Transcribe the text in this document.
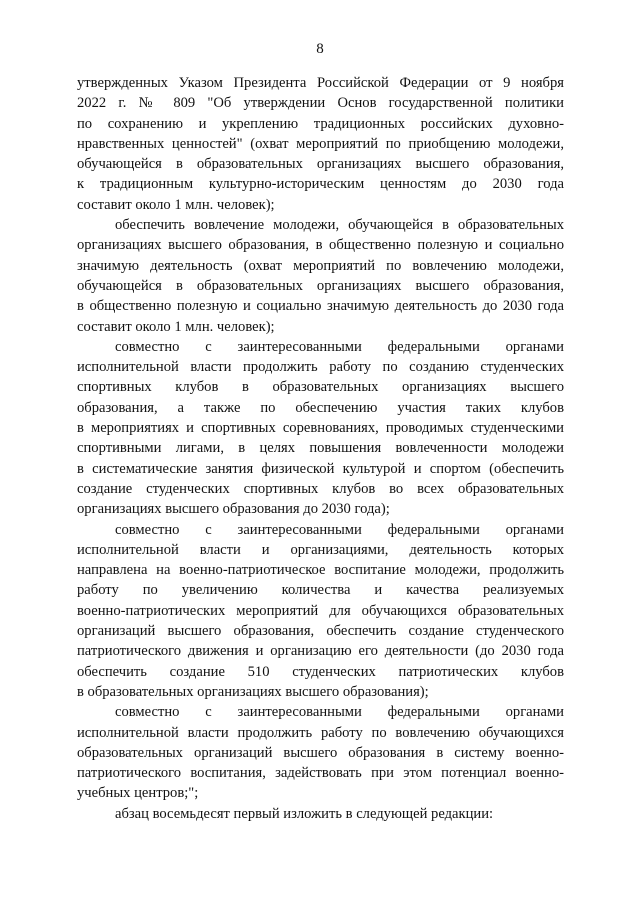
8
утвержденных Указом Президента Российской Федерации от 9 ноября
2022 г. № 809 "Об утверждении Основ государственной политики
по сохранению и укреплению традиционных российских духовно-
нравственных ценностей" (охват мероприятий по приобщению молодежи,
обучающейся в образовательных организациях высшего образования,
к традиционным культурно-историческим ценностям до 2030 года
составит около 1 млн. человек);
обеспечить вовлечение молодежи, обучающейся в образовательных
организациях высшего образования, в общественно полезную и социально
значимую деятельность (охват мероприятий по вовлечению молодежи,
обучающейся в образовательных организациях высшего образования,
в общественно полезную и социально значимую деятельность до 2030 года
составит около 1 млн. человек);
совместно с заинтересованными федеральными органами
исполнительной власти продолжить работу по созданию студенческих
спортивных клубов в образовательных организациях высшего
образования, а также по обеспечению участия таких клубов
в мероприятиях и спортивных соревнованиях, проводимых студенческими
спортивными лигами, в целях повышения вовлеченности молодежи
в систематические занятия физической культурой и спортом (обеспечить
создание студенческих спортивных клубов во всех образовательных
организациях высшего образования до 2030 года);
совместно с заинтересованными федеральными органами
исполнительной власти и организациями, деятельность которых
направлена на военно-патриотическое воспитание молодежи, продолжить
работу по увеличению количества и качества реализуемых
военно-патриотических мероприятий для обучающихся образовательных
организаций высшего образования, обеспечить создание студенческого
патриотического движения и организацию его деятельности (до 2030 года
обеспечить создание 510 студенческих патриотических клубов
в образовательных организациях высшего образования);
совместно с заинтересованными федеральными органами
исполнительной власти продолжить работу по вовлечению обучающихся
образовательных организаций высшего образования в систему военно-
патриотического воспитания, задействовать при этом потенциал военно-
учебных центров;";
абзац восемьдесят первый изложить в следующей редакции:
